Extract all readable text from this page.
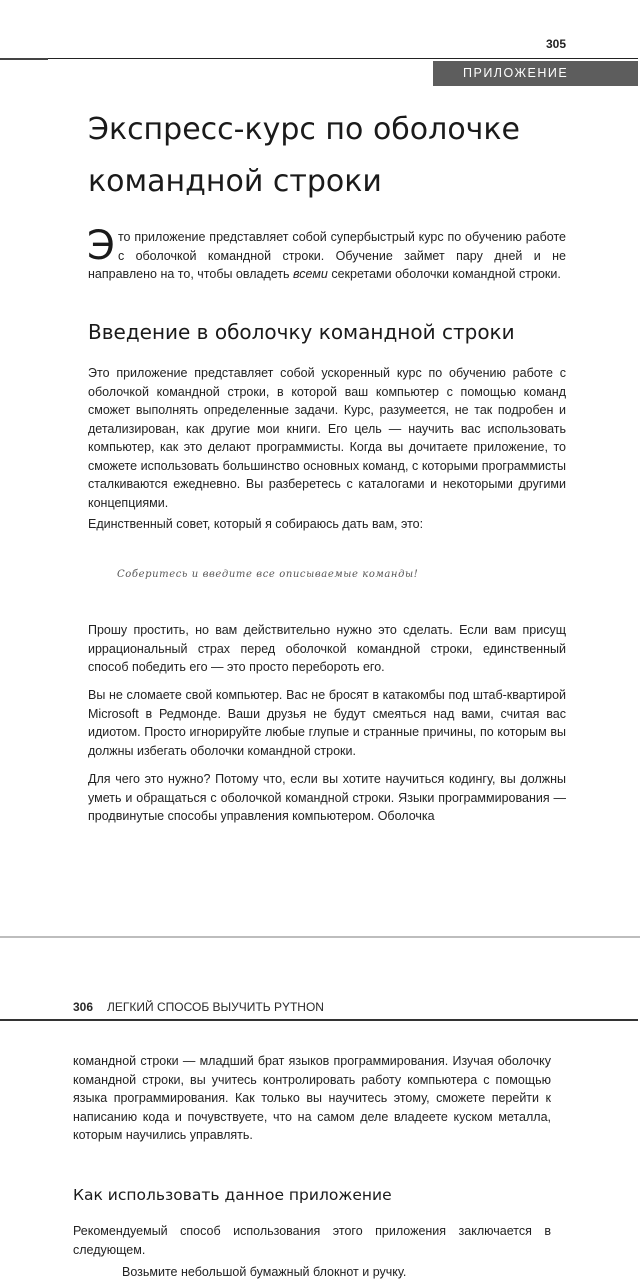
305
ПРИЛОЖЕНИЕ
Экспресс-курс по оболочке командной строки

Это приложение представляет собой супербыстрый курс по обучению работе с оболочкой командной строки. Обучение займет пару дней и не направлено на то, чтобы овладеть всеми секретами оболочки командной строки.

Введение в оболочку командной строки

Это приложение представляет собой ускоренный курс по обучению работе с оболочкой командной строки, в которой ваш компьютер с помощью команд сможет выполнять определенные задачи. Курс, разумеется, не так подробен и детализирован, как другие мои книги. Его цель — научить вас использовать компьютер, как это делают программисты. Когда вы дочитаете приложение, то сможете использовать большинство основных команд, с которыми программисты сталкиваются ежедневно. Вы разберетесь с каталогами и некоторыми другими концепциями.

Единственный совет, который я собираюсь дать вам, это:

Соберитесь и введите все описываемые команды!

Прошу простить, но вам действительно нужно это сделать. Если вам присущ иррациональный страх перед оболочкой командной строки, единственный способ победить его — это просто перебороть его.

Вы не сломаете свой компьютер. Вас не бросят в катакомбы под штаб-квартирой Microsoft в Редмонде. Ваши друзья не будут смеяться над вами, считая вас идиотом. Просто игнорируйте любые глупые и странные причины, по которым вы должны избегать оболочки командной строки.

Для чего это нужно? Потому что, если вы хотите научиться кодингу, вы должны уметь и обращаться с оболочкой командной строки. Языки программирования — продвинутые способы управления компьютером. Оболочка

306 ЛЕГКИЙ СПОСОБ ВЫУЧИТЬ PYTHON

командной строки — младший брат языков программирования. Изучая оболочку командной строки, вы учитесь контролировать работу компьютера с помощью языка программирования. Как только вы научитесь этому, сможете перейти к написанию кода и почувствуете, что на самом деле владеете куском металла, которым научились управлять.

Как использовать данное приложение

Рекомендуемый способ использования этого приложения заключается в следующем.

Возьмите небольшой бумажный блокнот и ручку.
